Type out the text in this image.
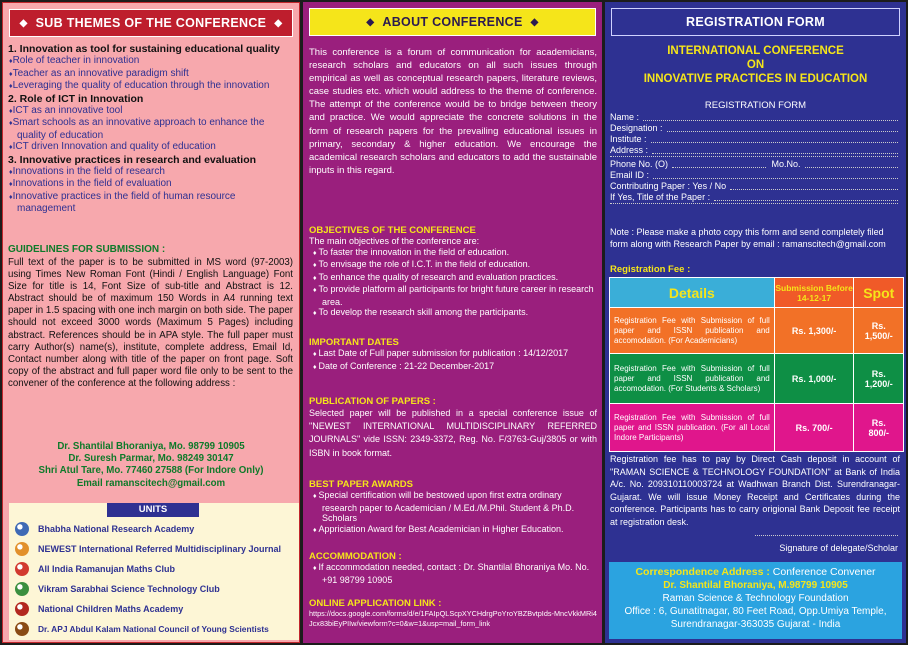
◆ SUB THEMES OF THE CONFERENCE ◆
1. Innovation as tool for sustaining educational quality
♦ Role of teacher in innovation
♦ Teacher as an innovative paradigm shift
♦ Leveraging the quality of education through the innovation
2. Role of ICT in Innovation
♦ ICT as an innovative tool
♦ Smart schools as an innovative approach to enhance the quality of education
♦ ICT driven Innovation and quality of education
3. Innovative practices in research and evaluation
♦ Innovations in the field of research
♦ Innovations in the field of evaluation
♦ Innovative practices in the field of human resource management
GUIDELINES FOR SUBMISSION :
Full text of the paper is to be submitted in MS word (97-2003) using Times New Roman Font (Hindi / English Language) Font Size for title is 14, Font Size of sub-title and Abstract is 12. Abstract should be of maximum 150 Words in A4 running text paper in 1.5 spacing with one inch margin on both side. The paper should not exceed 3000 words (Maximum 5 Pages) including abstract. References should be in APA style. The full paper must carry Author(s) name(s), institute, complete address, Email Id, Contact number along with title of the paper on front page. Soft copy of the abstract and full paper word file only to be sent to the convener of the conference at the following address :
Dr. Shantilal Bhoraniya, Mo. 98799 10905
Dr. Suresh Parmar, Mo. 98249 30147
Shri Atul Tare, Mo. 77460 27588 (For Indore Only)
Email ramanscitech@gmail.com
UNITS
Bhabha National Research Academy
NEWEST International Referred Multidisciplinary Journal
All India Ramanujan Maths Club
Vikram Sarabhai Science Technology Club
National Children Maths Academy
Dr. APJ Abdul Kalam National Council of Young Scientists
◆ ABOUT CONFERENCE ◆
This conference is a forum of communication for academicians, research scholars and educators on all such issues through empirical as well as conceptual research papers, literature reviews, case studies etc. which would address to the theme of conference. The attempt of the conference would be to bridge between theory and practice. We would appreciate the concrete solutions in the form of research papers for the prevailing educational issues in primary, secondary & higher education. We encourage the academical research scholars and educators to add the sustainable inputs in this regard.
OBJECTIVES OF THE CONFERENCE
The main objectives of the conference are:
♦ To faster the innovation in the field of education.
♦ To envisage the role of I.C.T. in the field of education.
♦ To enhance the quality of research and evaluation practices.
♦ To provide platform all participants for bright future career in research area.
♦ To develop the research skill among the participants.
IMPORTANT DATES
♦ Last Date of Full paper submission for publication : 14/12/2017
♦ Date of Conference : 21-22 December-2017
PUBLICATION OF PAPERS :
Selected paper will be published in a special conference issue of "NEWEST INTERNATIONAL MULTIDISCIPLINARY REFERRED JOURNALS" vide ISSN: 2349-3372, Reg. No. F/3763-Guj/3805 or with ISBN in book format.
BEST PAPER AWARDS
♦ Special certification will be bestowed upon first extra ordinary research paper to Academician / M.Ed./M.Phil. Student & Ph.D. Scholars
♦ Appriciation Award for Best Academician in Higher Education.
ACCOMMODATION :
♦ If accommodation needed, contact : Dr. Shantilal Bhoraniya Mo. No. +91 98799 10905
ONLINE APPLICATION LINK :
https://docs.google.com/forms/d/e/1FAIpQLScpXYCHdrgPoYroYBZBvtpIds-MncVkkMRi4Jcx83biEyPIIw/viewform?c=0&w=1&usp=mail_form_link
REGISTRATION FORM
INTERNATIONAL CONFERENCE
ON
INNOVATIVE PRACTICES IN EDUCATION
REGISTRATION FORM
Name :
Designation :
Institute :
Address :
Phone No. (O)	Mo.No.
Email ID :
Contributing Paper : Yes / No
If Yes, Title of the Paper :
Note : Please make a photo copy this form and send completely filed form along with Research Paper by email : ramanscitech@gmail.com
Registration Fee :
Details	Submission Before 14-12-17	Spot
Registration Fee with Submission of full paper and ISSN publication and accomodation. (For Academicians)	Rs. 1,300/-	Rs. 1,500/-
Registration Fee with Submission of full paper and ISSN publication and accomodation. (For Students & Scholars)	Rs. 1,000/-	Rs. 1,200/-
Registration Fee with Submission of full paper and ISSN publication. (For all Local Indore Participants)	Rs. 700/-	Rs. 800/-
Registration fee has to pay by Direct Cash deposit in account of "RAMAN SCIENCE & TECHNOLOGY FOUNDATION" at Bank of India A/c. No. 209310110003724 at Wadhwan Branch Dist. Surendranagar-Gujarat. We will issue Money Receipt and Certificates during the conference. Participants has to carry origional Bank Deposit fee receipt at registration desk.
Signature of delegate/Scholar
Correspondence Address : Conference Convener
Dr. Shantilal Bhoraniya, M.98799 10905
Raman Science & Technology Foundation
Office : 6, Gunatitnagar, 80 Feet Road, Opp.Umiya Temple, Surendranagar-363035 Gujarat - India
